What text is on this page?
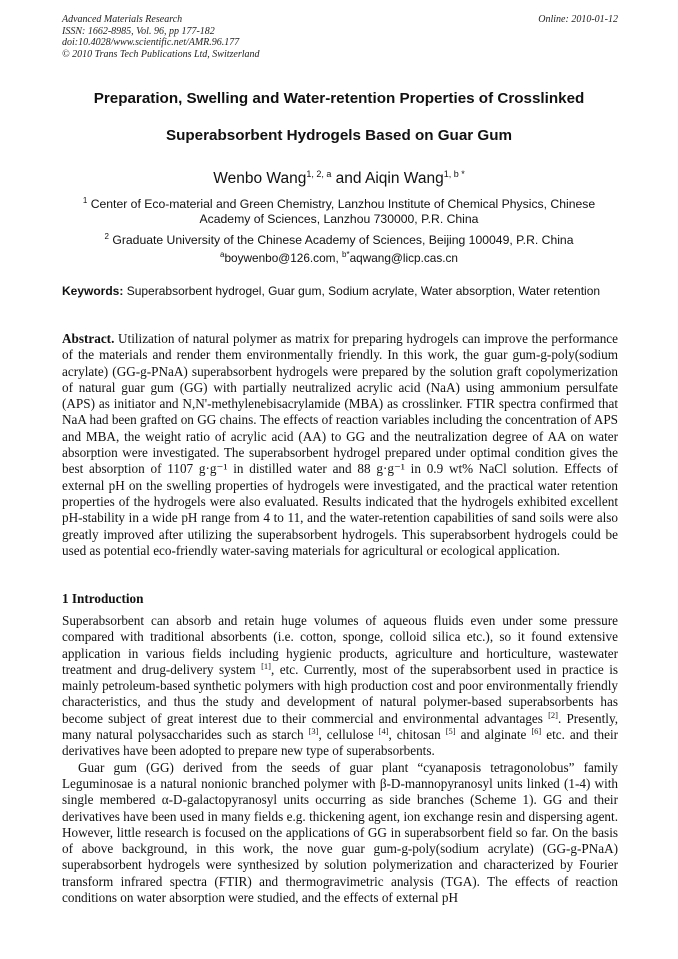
Advanced Materials Research
ISSN: 1662-8985, Vol. 96, pp 177-182
doi:10.4028/www.scientific.net/AMR.96.177
© 2010 Trans Tech Publications Ltd, Switzerland
Online: 2010-01-12
Preparation, Swelling and Water-retention Properties of Crosslinked
Superabsorbent Hydrogels Based on Guar Gum
Wenbo Wang$^{1, 2, a}$ and Aiqin Wang$^{1, b *}$
$^1$ Center of Eco-material and Green Chemistry, Lanzhou Institute of Chemical Physics, Chinese Academy of Sciences, Lanzhou 730000, P.R. China
$^2$ Graduate University of the Chinese Academy of Sciences, Beijing 100049, P.R. China
$^a$boywenbo@126.com, $^{b*}$aqwang@licp.cas.cn
Keywords: Superabsorbent hydrogel, Guar gum, Sodium acrylate, Water absorption, Water retention
Abstract. Utilization of natural polymer as matrix for preparing hydrogels can improve the performance of the materials and render them environmentally friendly. In this work, the guar gum-g-poly(sodium acrylate) (GG-g-PNaA) superabsorbent hydrogels were prepared by the solution graft copolymerization of natural guar gum (GG) with partially neutralized acrylic acid (NaA) using ammonium persulfate (APS) as initiator and N,N'-methylenebisacrylamide (MBA) as crosslinker. FTIR spectra confirmed that NaA had been grafted on GG chains. The effects of reaction variables including the concentration of APS and MBA, the weight ratio of acrylic acid (AA) to GG and the neutralization degree of AA on water absorption were investigated. The superabsorbent hydrogel prepared under optimal condition gives the best absorption of 1107 g·g⁻¹ in distilled water and 88 g·g⁻¹ in 0.9 wt% NaCl solution. Effects of external pH on the swelling properties of hydrogels were investigated, and the practical water retention properties of the hydrogels were also evaluated. Results indicated that the hydrogels exhibited excellent pH-stability in a wide pH range from 4 to 11, and the water-retention capabilities of sand soils were also greatly improved after utilizing the superabsorbent hydrogels. This superabsorbent hydrogels could be used as potential eco-friendly water-saving materials for agricultural or ecological application.
1 Introduction

Superabsorbent can absorb and retain huge volumes of aqueous fluids even under some pressure compared with traditional absorbents (i.e. cotton, sponge, colloid silica etc.), so it found extensive application in various fields including hygienic products, agriculture and horticulture, wastewater treatment and drug-delivery system [1], etc. Currently, most of the superabsorbent used in practice is mainly petroleum-based synthetic polymers with high production cost and poor environmentally friendly characteristics, and thus the study and development of natural polymer-based superabsorbents has become subject of great interest due to their commercial and environmental advantages [2]. Presently, many natural polysaccharides such as starch [3], cellulose [4], chitosan [5] and alginate [6] etc. and their derivatives have been adopted to prepare new type of superabsorbents.

Guar gum (GG) derived from the seeds of guar plant “cyanaposis tetragonolobus” family Leguminosae is a natural nonionic branched polymer with β-D-mannopyranosyl units linked (1-4) with single membered α-D-galactopyranosyl units occurring as side branches (Scheme 1). GG and their derivatives have been used in many fields e.g. thickening agent, ion exchange resin and dispersing agent. However, little research is focused on the applications of GG in superabsorbent field so far. On the basis of above background, in this work, the nove guar gum-g-poly(sodium acrylate) (GG-g-PNaA) superabsorbent hydrogels were synthesized by solution polymerization and characterized by Fourier transform infrared spectra (FTIR) and thermogravimetric analysis (TGA). The effects of reaction conditions on water absorption were studied, and the effects of external pH
